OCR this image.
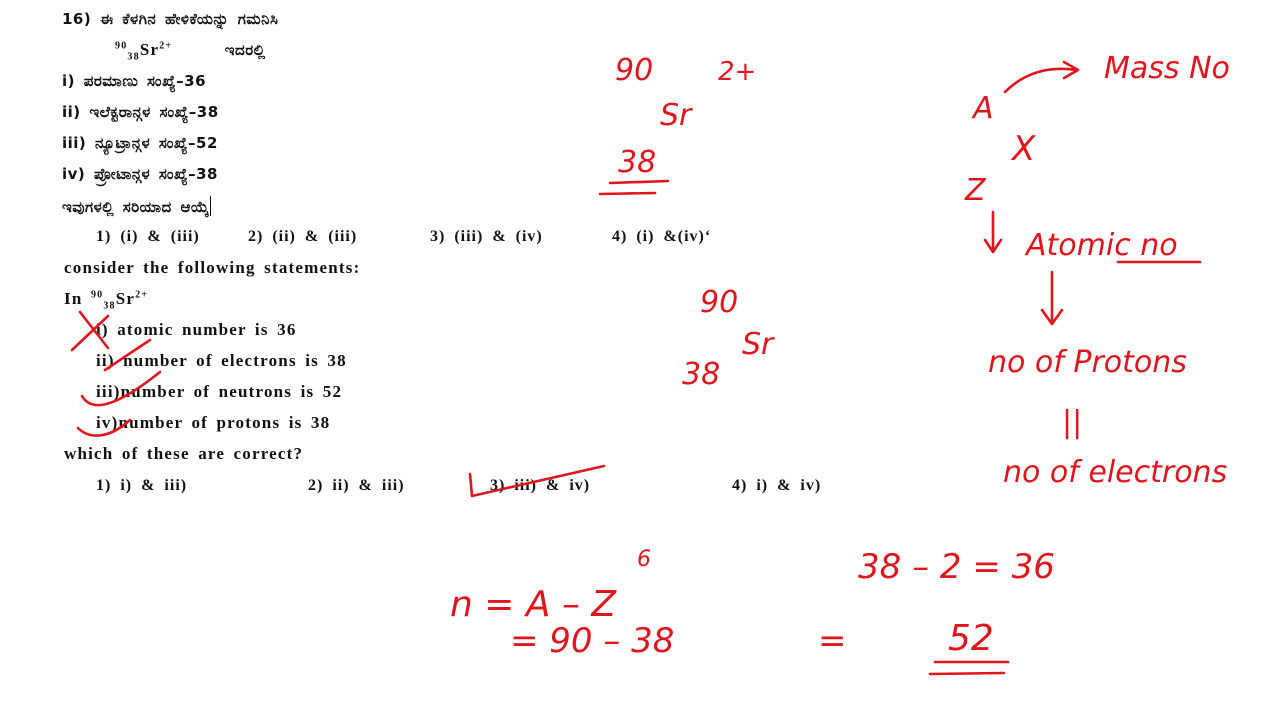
16) ಈ ಕೆಳಗಿನ ಹೇಳಿಕೆಯನ್ನು ಗಮನಿಸಿ
$^{90}_{38}Sr^{2+}$	ಇದರಲ್ಲಿ
i) ಪರಮಾಣು ಸಂಖ್ಯೆ–36
ii) ಇಲೆಕ್ಟರಾನ್ಗಳ ಸಂಖ್ಯೆ–38
iii) ನ್ಯೂಟ್ರಾನ್ಗಳ ಸಂಖ್ಯೆ–52
iv) ಪ್ರೋಟಾನ್ಗಳ ಸಂಖ್ಯೆ–38
ಇವುಗಳಲ್ಲಿ ಸರಿಯಾದ ಆಯ್ಕೆ
1) (i) & (iii)	2) (ii) & (iii)	3) (iii) & (iv)	4) (i) &(iv)‘
consider the following statements:
In $^{90}_{38}Sr^{2+}$
i) atomic number is 36
ii) number of electrons is 38
iii)number of neutrons is 52
iv)number of protons is 38
which of these are correct?
1) i) & iii)	2) ii) & iii)	3) iii) & iv)	4) i) & iv)
90 2+
Sr
38
90
Sr
38
A
Mass No
X
Z
Atomic no
no of Protons
||
no of electrons
6	38 – 2 = 36
n = A – Z
= 90 – 38	=	52
